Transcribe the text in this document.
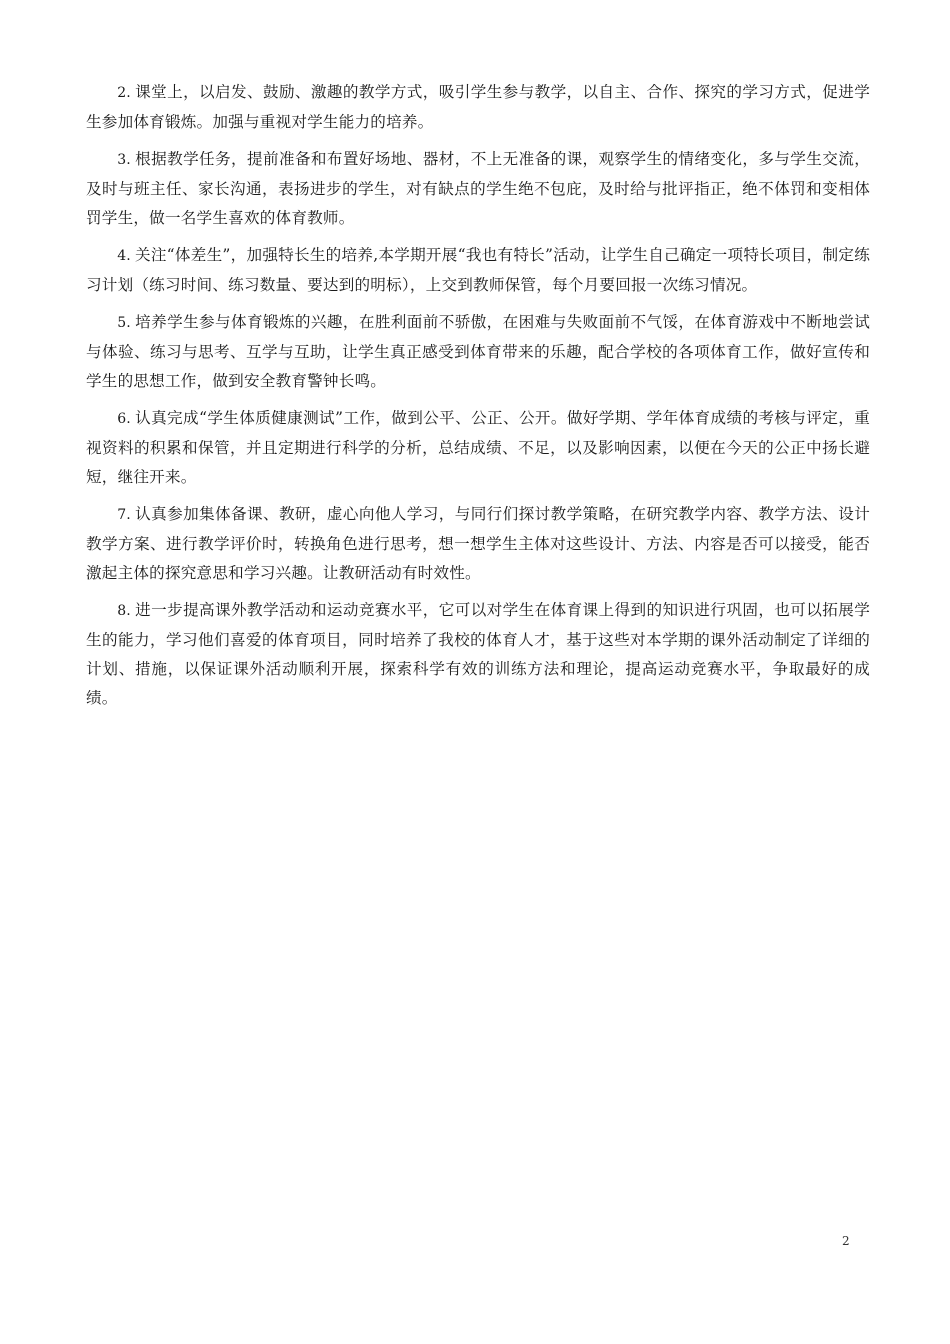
2. 课堂上，以启发、鼓励、激趣的教学方式，吸引学生参与教学，以自主、合作、探究的学习方式，促进学生参加体育锻炼。加强与重视对学生能力的培养。

3. 根据教学任务，提前准备和布置好场地、器材，不上无准备的课，观察学生的情绪变化，多与学生交流，及时与班主任、家长沟通，表扬进步的学生，对有缺点的学生绝不包庇，及时给与批评指正，绝不体罚和变相体罚学生，做一名学生喜欢的体育教师。

4. 关注“体差生”，加强特长生的培养,本学期开展“我也有特长”活动，让学生自己确定一项特长项目，制定练习计划（练习时间、练习数量、要达到的明标），上交到教师保管，每个月要回报一次练习情况。

5. 培养学生参与体育锻炼的兴趣，在胜利面前不骄傲，在困难与失败面前不气馁，在体育游戏中不断地尝试与体验、练习与思考、互学与互助，让学生真正感受到体育带来的乐趣，配合学校的各项体育工作，做好宣传和学生的思想工作，做到安全教育警钟长鸣。

6. 认真完成“学生体质健康测试”工作，做到公平、公正、公开。做好学期、学年体育成绩的考核与评定，重视资料的积累和保管，并且定期进行科学的分析，总结成绩、不足，以及影响因素，以便在今天的公正中扬长避短，继往开来。

7. 认真参加集体备课、教研，虚心向他人学习，与同行们探讨教学策略，在研究教学内容、教学方法、设计教学方案、进行教学评价时，转换角色进行思考，想一想学生主体对这些设计、方法、内容是否可以接受，能否激起主体的探究意思和学习兴趣。让教研活动有时效性。

8. 进一步提高课外教学活动和运动竞赛水平，它可以对学生在体育课上得到的知识进行巩固，也可以拓展学生的能力，学习他们喜爱的体育项目，同时培养了我校的体育人才，基于这些对本学期的课外活动制定了详细的计划、措施，以保证课外活动顺利开展，探索科学有效的训练方法和理论，提高运动竞赛水平，争取最好的成绩。

2
